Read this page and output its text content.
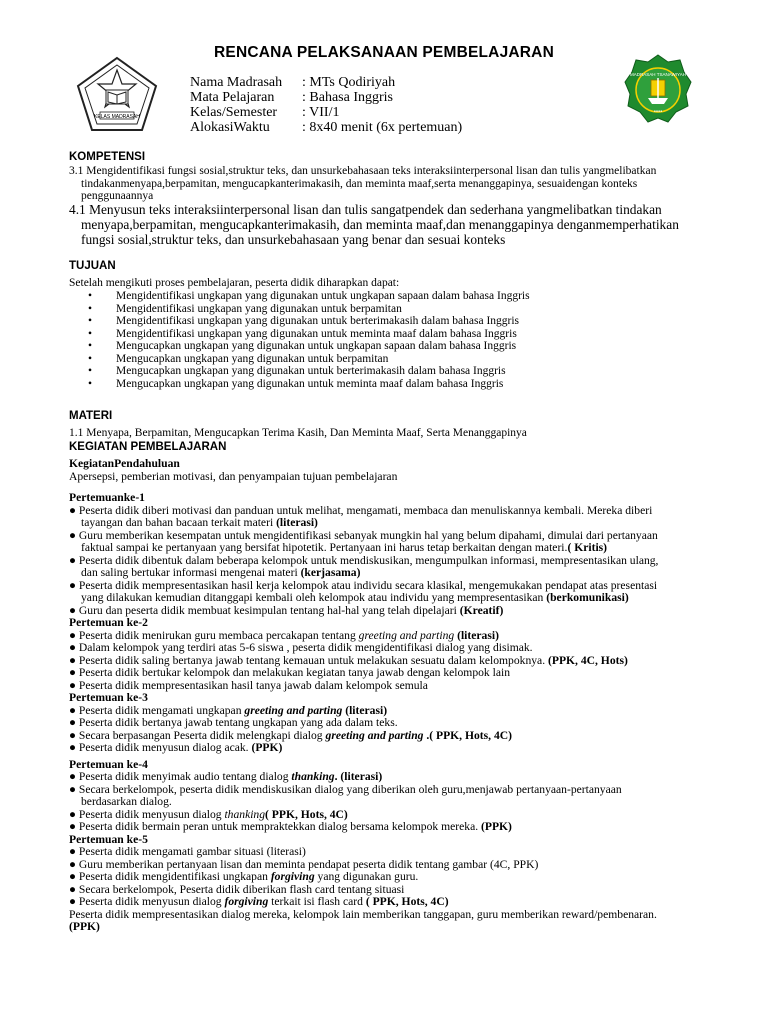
RENCANA PELAKSANAAN PEMBELAJARAN
KELAS MADRASAH
MADRASAH TSANAWIYAH
●●●●
Nama Madrasah	: MTs Qodiriyah
Mata Pelajaran	: Bahasa Inggris
Kelas/Semester	: VII/1
AlokasiWaktu	: 8x40 menit (6x pertemuan)
KOMPETENSI
3.1 Mengidentifikasi fungsi sosial,struktur teks, dan unsurkebahasaan teks interaksiinterpersonal lisan dan tulis yangmelibatkan
tindakanmenyapa,berpamitan, mengucapkanterimakasih, dan meminta maaf,serta menanggapinya, sesuaidengan konteks
penggunaannya
4.1 Menyusun teks interaksiinterpersonal lisan dan tulis sangatpendek dan sederhana yangmelibatkan tindakan
menyapa,berpamitan, mengucapkanterimakasih, dan meminta maaf,dan menanggapinya denganmemperhatikan
fungsi sosial,struktur teks, dan unsurkebahasaan yang benar dan sesuai konteks
TUJUAN
Setelah mengikuti proses pembelajaran, peserta didik diharapkan dapat:
• Mengidentifikasi ungkapan yang digunakan untuk ungkapan sapaan dalam bahasa Inggris
• Mengidentifikasi ungkapan yang digunakan untuk berpamitan
• Mengidentifikasi ungkapan yang digunakan untuk berterimakasih dalam bahasa Inggris
• Mengidentifikasi ungkapan yang digunakan untuk meminta maaf dalam bahasa Inggris
• Mengucapkan ungkapan yang digunakan untuk ungkapan sapaan dalam bahasa Inggris
• Mengucapkan ungkapan yang digunakan untuk berpamitan
• Mengucapkan ungkapan yang digunakan untuk berterimakasih dalam bahasa Inggris
• Mengucapkan ungkapan yang digunakan untuk meminta maaf dalam bahasa Inggris
MATERI
1.1 Menyapa, Berpamitan, Mengucapkan Terima Kasih, Dan Meminta Maaf, Serta Menanggapinya
KEGIATAN PEMBELAJARAN
KegiatanPendahuluan
Apersepsi, pemberian motivasi, dan penyampaian tujuan pembelajaran
Pertemuanke-1
● Peserta didik diberi motivasi dan panduan untuk melihat, mengamati, membaca dan menuliskannya kembali. Mereka diberi
tayangan dan bahan bacaan terkait materi (literasi)
● Guru memberikan kesempatan untuk mengidentifikasi sebanyak mungkin hal yang belum dipahami, dimulai dari pertanyaan
faktual sampai ke pertanyaan yang bersifat hipotetik. Pertanyaan ini harus tetap berkaitan dengan materi.( Kritis)
● Peserta didik dibentuk dalam beberapa kelompok untuk mendiskusikan, mengumpulkan informasi, mempresentasikan ulang,
dan saling bertukar informasi mengenai materi (kerjasama)
● Peserta didik mempresentasikan hasil kerja kelompok atau individu secara klasikal, mengemukakan pendapat atas presentasi
yang dilakukan kemudian ditanggapi kembali oleh kelompok atau individu yang mempresentasikan (berkomunikasi)
● Guru dan peserta didik membuat kesimpulan tentang hal-hal yang telah dipelajari (Kreatif)
Pertemuan ke-2
● Peserta didik menirukan guru membaca percakapan tentang greeting and parting (literasi)
● Dalam kelompok yang terdiri atas 5-6 siswa , peserta didik mengidentifikasi dialog yang disimak.
● Peserta didik saling bertanya jawab tentang kemauan untuk melakukan sesuatu dalam kelompoknya. (PPK, 4C, Hots)
● Peserta didik bertukar kelompok dan melakukan kegiatan tanya jawab dengan kelompok lain
● Peserta didik mempresentasikan hasil tanya jawab dalam kelompok semula
Pertemuan ke-3
● Peserta didik mengamati ungkapan greeting and parting (literasi)
● Peserta didik bertanya jawab tentang ungkapan yang ada dalam teks.
● Secara berpasangan Peserta didik melengkapi dialog greeting and parting .( PPK, Hots, 4C)
● Peserta didik menyusun dialog acak. (PPK)
Pertemuan ke-4
● Peserta didik menyimak audio tentang dialog thanking. (literasi)
● Secara berkelompok, peserta didik mendiskusikan dialog yang diberikan oleh guru,menjawab pertanyaan-pertanyaan
berdasarkan dialog.
● Peserta didik menyusun dialog thanking( PPK, Hots, 4C)
● Peserta didik bermain peran untuk mempraktekkan dialog bersama kelompok mereka. (PPK)
Pertemuan ke-5
● Peserta didik mengamati gambar situasi (literasi)
● Guru memberikan pertanyaan lisan dan meminta pendapat peserta didik tentang gambar (4C, PPK)
● Peserta didik mengidentifikasi ungkapan forgiving yang digunakan guru.
● Secara berkelompok, Peserta didik diberikan flash card tentang situasi
● Peserta didik menyusun dialog forgiving terkait isi flash card ( PPK, Hots, 4C)
Peserta didik mempresentasikan dialog mereka, kelompok lain memberikan tanggapan, guru memberikan reward/pembenaran.
(PPK)
